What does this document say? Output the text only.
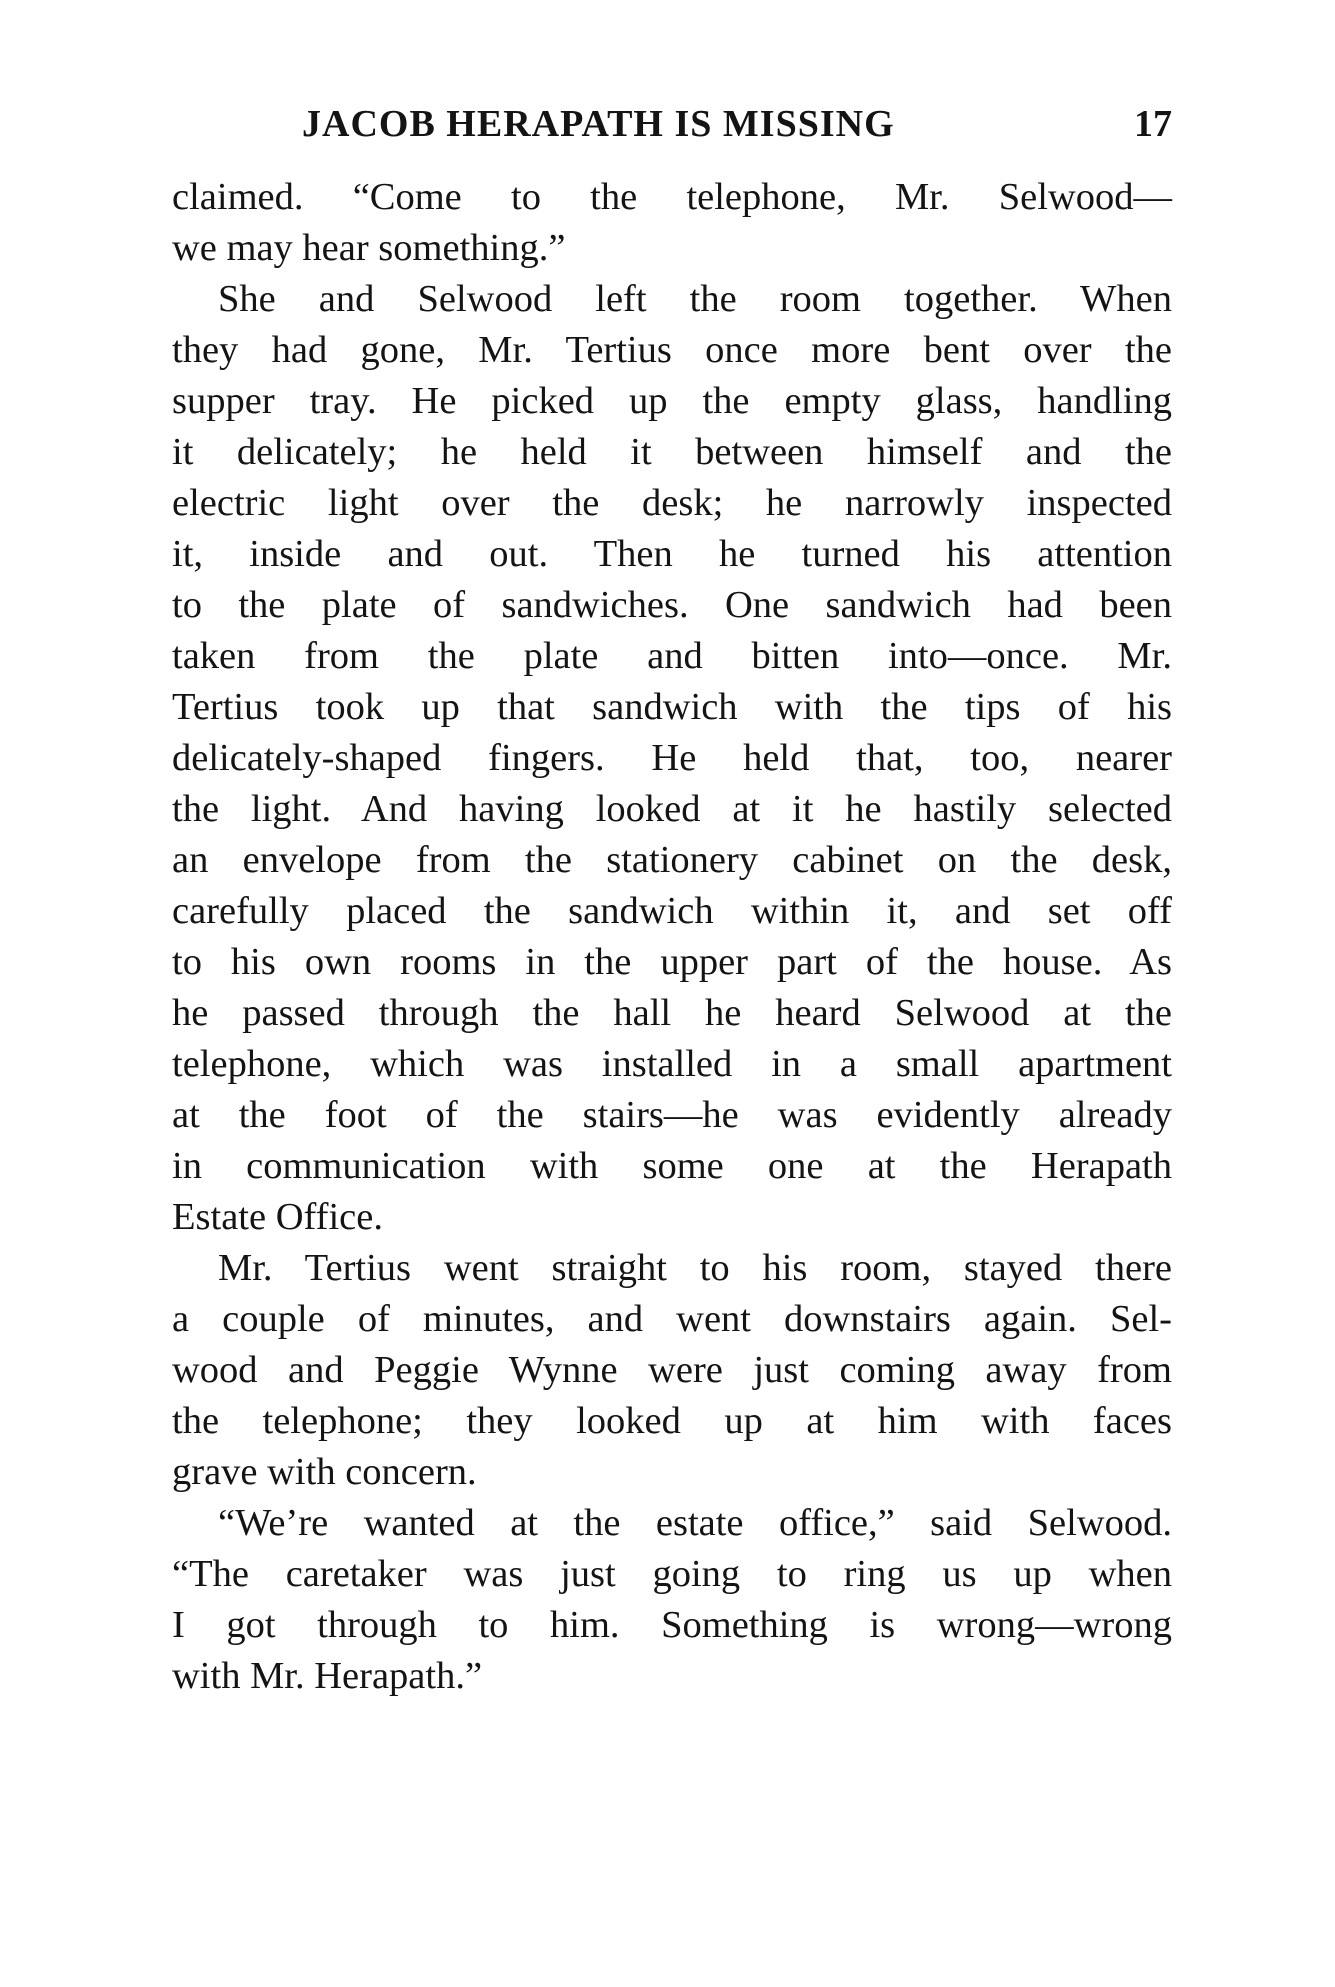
JACOB HERAPATH IS MISSING	17
claimed. “Come to the telephone, Mr. Selwood—
we may hear something.”
She and Selwood left the room together. When
they had gone, Mr. Tertius once more bent over the
supper tray. He picked up the empty glass, handling
it delicately; he held it between himself and the
electric light over the desk; he narrowly inspected
it, inside and out. Then he turned his attention
to the plate of sandwiches. One sandwich had been
taken from the plate and bitten into—once. Mr.
Tertius took up that sandwich with the tips of his
delicately-shaped fingers. He held that, too, nearer
the light. And having looked at it he hastily selected
an envelope from the stationery cabinet on the desk,
carefully placed the sandwich within it, and set off
to his own rooms in the upper part of the house. As
he passed through the hall he heard Selwood at the
telephone, which was installed in a small apartment
at the foot of the stairs—he was evidently already
in communication with some one at the Herapath
Estate Office.
Mr. Tertius went straight to his room, stayed there
a couple of minutes, and went downstairs again. Sel-
wood and Peggie Wynne were just coming away from
the telephone; they looked up at him with faces
grave with concern.
“We’re wanted at the estate office,” said Selwood.
“The caretaker was just going to ring us up when
I got through to him. Something is wrong—wrong
with Mr. Herapath.”
